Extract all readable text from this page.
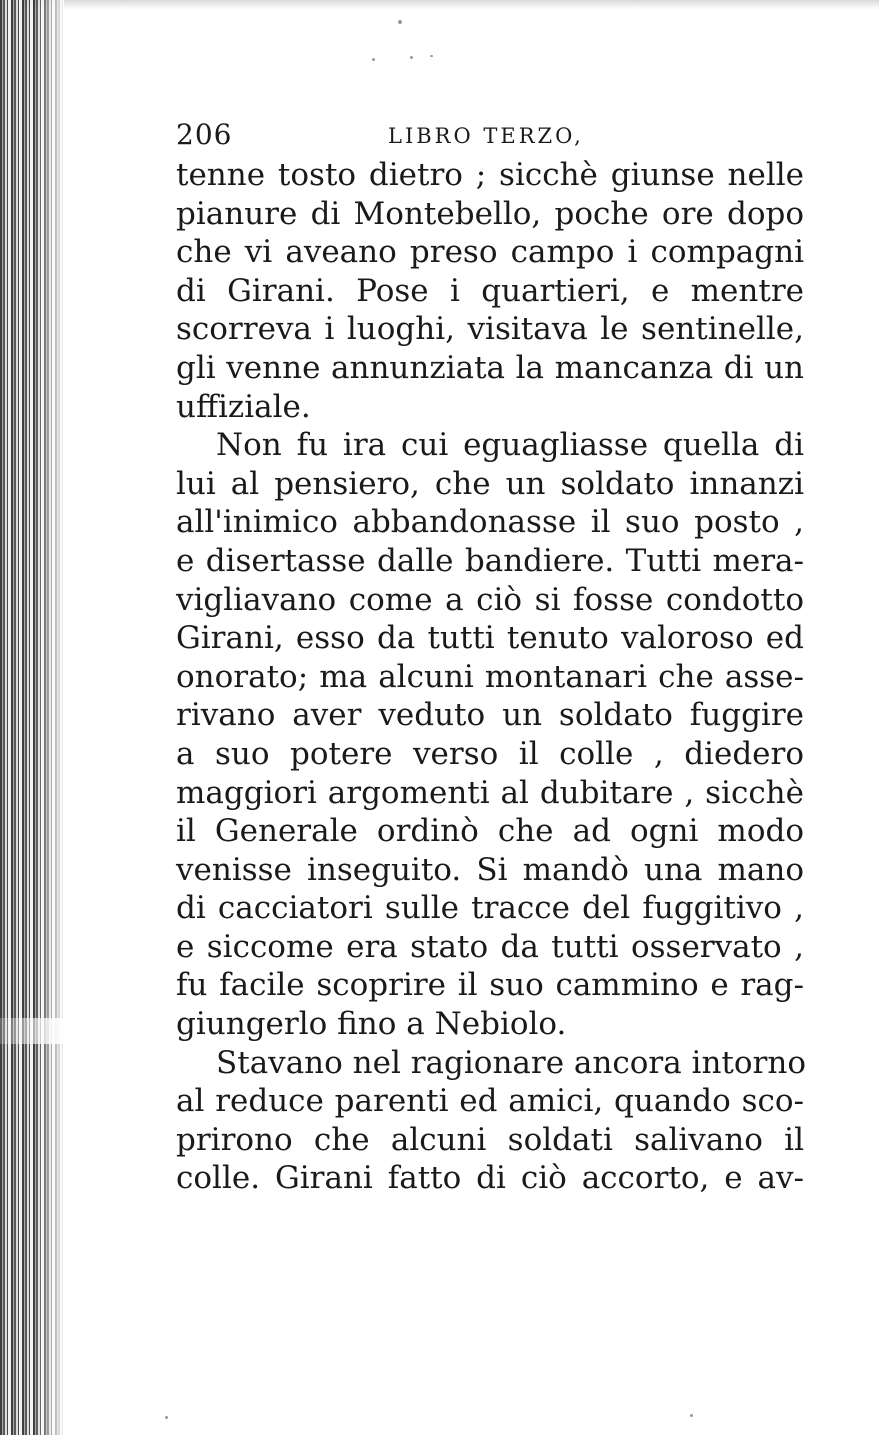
206	LIBRO TERZO,
tenne tosto dietro ; sicchè giunse nelle
pianure di Montebello, poche ore dopo
che vi aveano preso campo i compagni
di Girani. Pose i quartieri, e mentre
scorreva i luoghi, visitava le sentinelle,
gli venne annunziata la mancanza di un
uffiziale.
Non fu ira cui eguagliasse quella di
lui al pensiero, che un soldato innanzi
all'inimico abbandonasse il suo posto ,
e disertasse dalle bandiere. Tutti mera-
vigliavano come a ciò si fosse condotto
Girani, esso da tutti tenuto valoroso ed
onorato; ma alcuni montanari che asse-
rivano aver veduto un soldato fuggire
a suo potere verso il colle , diedero
maggiori argomenti al dubitare , sicchè
il Generale ordinò che ad ogni modo
venisse inseguito. Si mandò una mano
di cacciatori sulle tracce del fuggitivo ,
e siccome era stato da tutti osservato ,
fu facile scoprire il suo cammino e rag-
giungerlo fino a Nebiolo.
Stavano nel ragionare ancora intorno
al reduce parenti ed amici, quando sco-
prirono che alcuni soldati salivano il
colle. Girani fatto di ciò accorto, e av-
